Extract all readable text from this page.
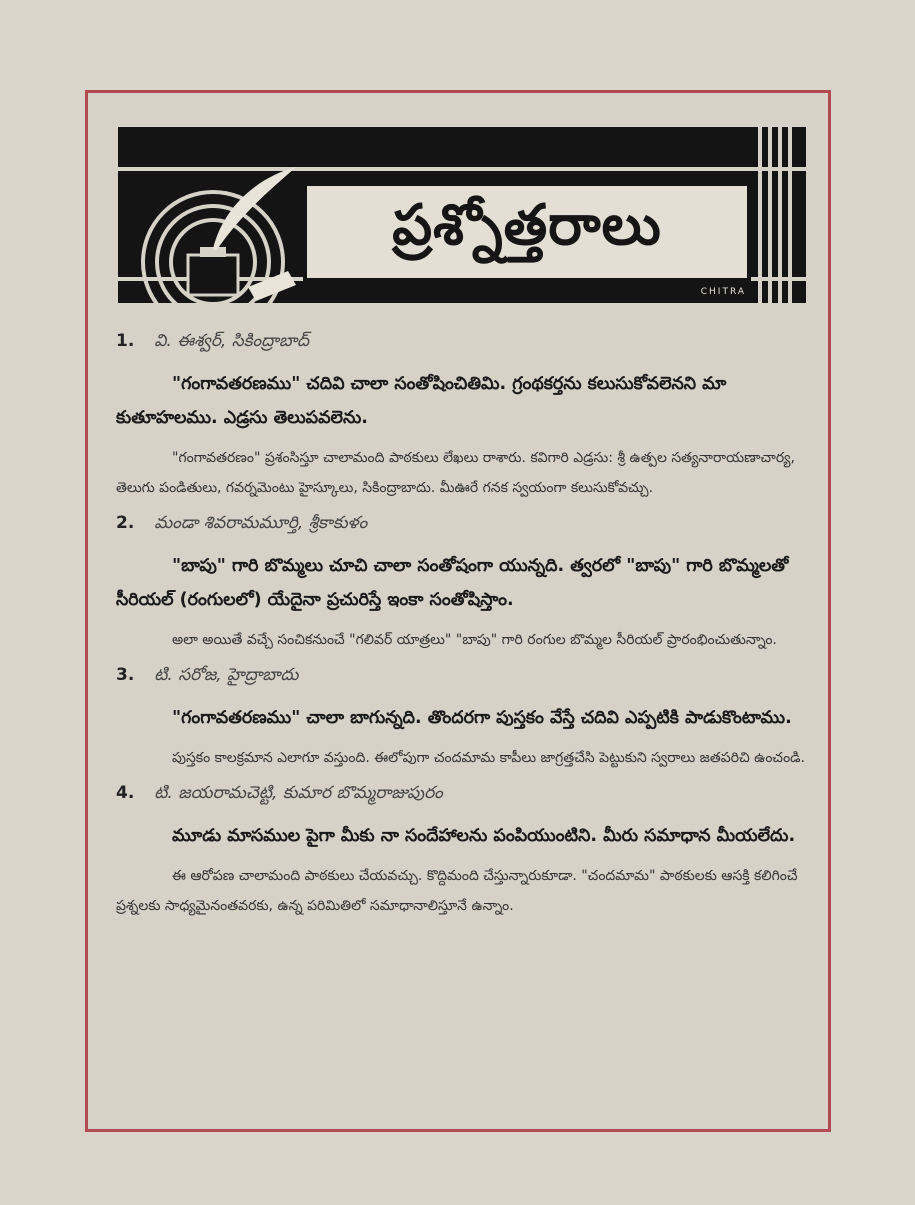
ప్రశ్నోత్తరాలు
CHITRA
1. వి. ఈశ్వర్, సికింద్రాబాద్

"గంగావతరణము" చదివి చాలా సంతోషించితిమి. గ్రంథకర్తను కలుసుకోవలెనని మా కుతూహలము. ఎడ్రసు తెలుపవలెను.

"గంగావతరణం" ప్రశంసిస్తూ చాలామంది పాఠకులు లేఖలు రాశారు. కవిగారి ఎడ్రసు: శ్రీ ఉత్పల సత్యనారాయణాచార్య, తెలుగు పండితులు, గవర్నమెంటు హైస్కూలు, సికింద్రాబాదు. మీఊరే గనక స్వయంగా కలుసుకోవచ్చు.

2. మండా శివరామమూర్తి, శ్రీకాకుళం

"బాపు" గారి బొమ్మలు చూచి చాలా సంతోషంగా యున్నది. త్వరలో "బాపు" గారి బొమ్మలతో సీరియల్ (రంగులలో) యేదైనా ప్రచురిస్తే ఇంకా సంతోషిస్తాం.

అలా అయితే వచ్చే సంచికనుంచే "గలివర్ యాత్రలు" "బాపు" గారి రంగుల బొమ్మల సీరియల్ ప్రారంభించుతున్నాం.

3. టి. సరోజ, హైద్రాబాదు

"గంగావతరణము" చాలా బాగున్నది. తొందరగా పుస్తకం వేస్తే చదివి ఎప్పటికి పాడుకొంటాము.

పుస్తకం కాలక్రమాన ఎలాగూ వస్తుంది. ఈలోపుగా చందమామ కాపీలు జాగ్రత్తచేసి పెట్టుకుని స్వరాలు జతపరిచి ఉంచండి.

4. టి. జయరామచెట్టి, కుమార బొమ్మరాజుపురం

మూడు మాసముల పైగా మీకు నా సందేహాలను పంపియుంటిని. మీరు సమాధాన మీయలేదు.

ఈ ఆరోపణ చాలామంది పాఠకులు చేయవచ్చు. కొద్దిమంది చేస్తున్నారుకూడా. "చందమామ" పాఠకులకు ఆసక్తి కలిగించే ప్రశ్నలకు సాధ్యమైనంతవరకు, ఉన్న పరిమితిలో సమాధానాలిస్తూనే ఉన్నాం.
